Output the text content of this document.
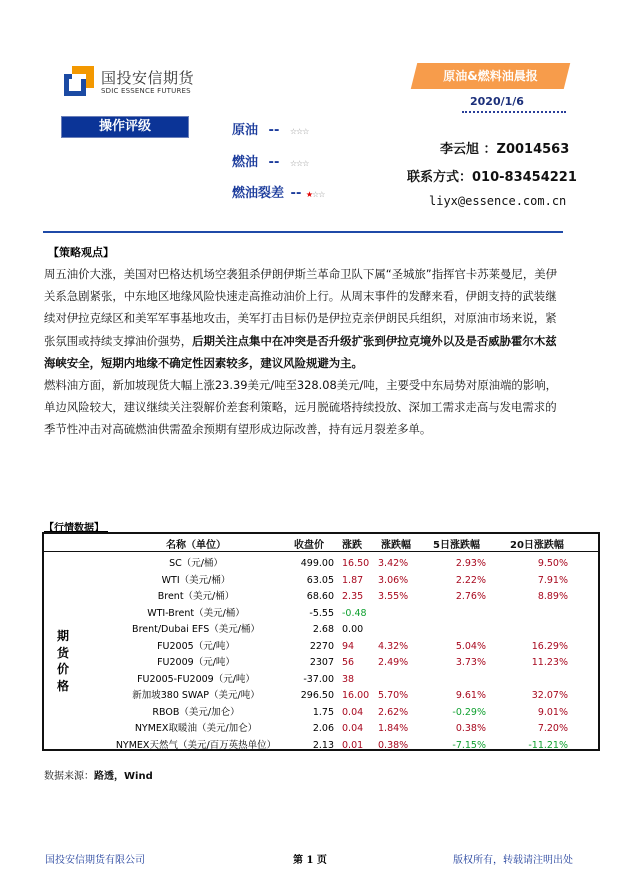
国投安信期货
SDIC ESSENCE FUTURES
原油&燃料油晨报
2020/1/6
操作评级	原油 -- ☆☆☆
燃油 -- ☆☆☆
燃油裂差 -- ★☆☆
李云旭 ：Z0014563
联系方式：010-83454221
liyx@essence.com.cn
【策略观点】
周五油价大涨，美国对巴格达机场空袭狙杀伊朗伊斯兰革命卫队下属“圣城旅”指挥官卡苏莱曼尼，美伊关系急剧紧张，中东地区地缘风险快速走高推动油价上行。从周末事件的发酵来看，伊朗支持的武装继续对伊拉克绿区和美军军事基地攻击，美军打击目标仍是伊拉克亲伊朗民兵组织，对原油市场来说，紧张氛围或持续支撑油价强势，后期关注点集中在冲突是否升级扩张到伊拉克境外以及是否威胁霍尔木兹海峡安全，短期内地缘不确定性因素较多，建议风险规避为主。
燃料油方面，新加坡现货大幅上涨23.39美元/吨至328.08美元/吨，主要受中东局势对原油端的影响，单边风险较大，建议继续关注裂解价差套利策略，远月脱硫塔持续投放、深加工需求走高与发电需求的季节性冲击对高硫燃油供需盈余预期有望形成边际改善，持有远月裂差多单。
【行情数据】
名称（单位）	收盘价 涨跌 涨跌幅 5日涨跌幅	20日涨跌幅
期
货
价
格
SC（元/桶）	499.00 16.50 3.42%	2.93%	9.50%
WTI（美元/桶）	63.05 1.87	3.06%	2.22%	7.91%
Brent（美元/桶）	68.60 2.35	3.55%	2.76%	8.89%
WTI-Brent（美元/桶）	-5.55 -0.48
Brent/Dubai EFS（美元/桶）	2.68 0.00
FU2005（元/吨）	2270 94	4.32%	5.04%	16.29%
FU2009（元/吨）	2307 56	2.49%	3.73%	11.23%
FU2005-FU2009（元/吨）	-37.00 38
新加坡380 SWAP（美元/吨）	296.50 16.00 5.70%	9.61%	32.07%
RBOB（美元/加仑）	1.75 0.04	2.62%	-0.29%	9.01%
NYMEX取暖油（美元/加仑）	2.06 0.04	1.84%	0.38%	7.20%
NYMEX天然气（美元/百万英热单位）	2.13 0.01	0.38%	-7.15%	-11.21%
数据来源：路透，Wind
国投安信期货有限公司	第 1 页	版权所有，转载请注明出处
